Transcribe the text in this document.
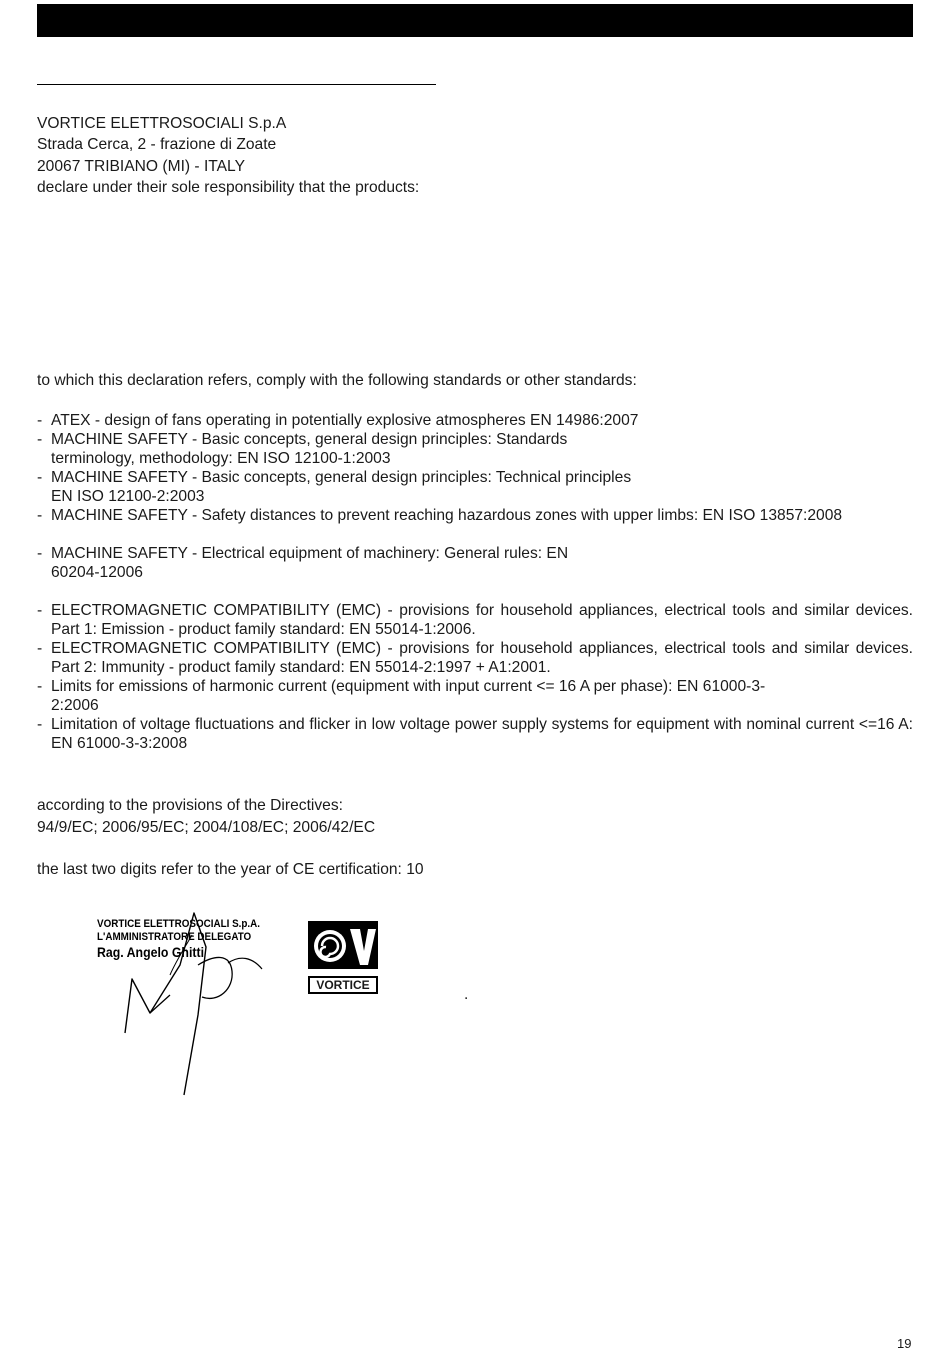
VORTICE ELETTROSOCIALI S.p.A
Strada Cerca, 2 - frazione di Zoate
20067 TRIBIANO (MI) - ITALY
declare under their sole responsibility that the products:
to which this declaration refers, comply with the following standards or other standards:
- ATEX - design of fans operating in potentially explosive atmospheres EN 14986:2007
- MACHINE SAFETY - Basic concepts, general design principles: Standards terminology, methodology: EN ISO 12100-1:2003
- MACHINE SAFETY - Basic concepts, general design principles: Technical principles EN ISO 12100-2:2003
- MACHINE SAFETY - Safety distances to prevent reaching hazardous zones with upper limbs: EN ISO 13857:2008
- MACHINE SAFETY - Electrical equipment of machinery: General rules: EN 60204-12006
- ELECTROMAGNETIC COMPATIBILITY (EMC) - provisions for household appliances, electrical tools and similar devices. Part 1: Emission - product family standard: EN 55014-1:2006.
- ELECTROMAGNETIC COMPATIBILITY (EMC) - provisions for household appliances, electrical tools and similar devices. Part 2: Immunity - product family standard: EN 55014-2:1997 + A1:2001.
- Limits for emissions of harmonic current (equipment with input current <= 16 A per phase): EN 61000-3-2:2006
- Limitation of voltage fluctuations and flicker in low voltage power supply systems for equipment with nominal current <=16 A: EN 61000-3-3:2008
according to the provisions of the Directives:
94/9/EC; 2006/95/EC; 2004/108/EC; 2006/42/EC
the last two digits refer to the year of CE certification: 10
VORTICE ELETTROSOCIALI S.p.A.
L'AMMINISTRATORE DELEGATO
Rag. Angelo Ghitti
VORTICE
.
19
